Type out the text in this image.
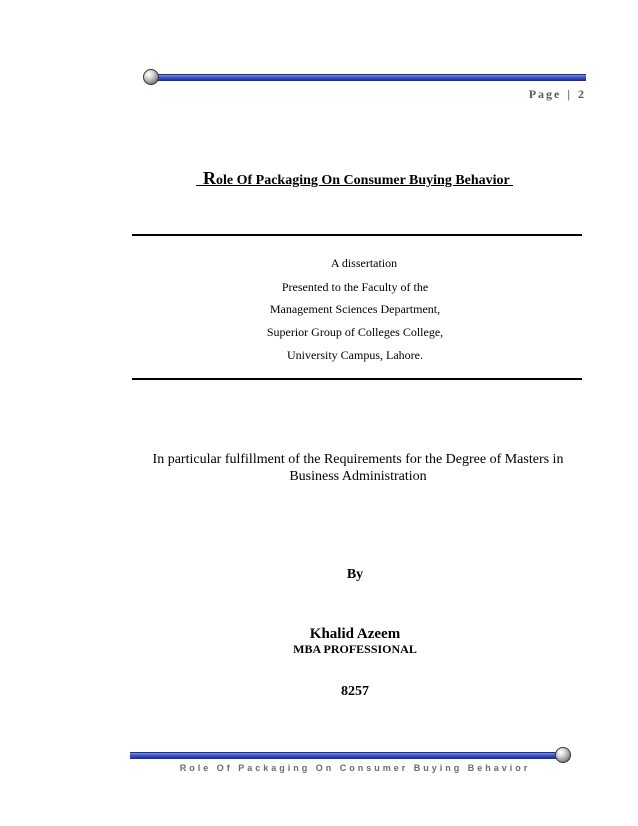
Page | 2

Role Of Packaging On Consumer Buying Behavior

A dissertation
Presented to the Faculty of the
Management Sciences Department,
Superior Group of Colleges College,
University Campus, Lahore.
In particular fulfillment of the Requirements for the Degree of Masters in
Business Administration
By
Khalid Azeem
MBA PROFESSIONAL
8257
Role Of Packaging On Consumer Buying Behavior
